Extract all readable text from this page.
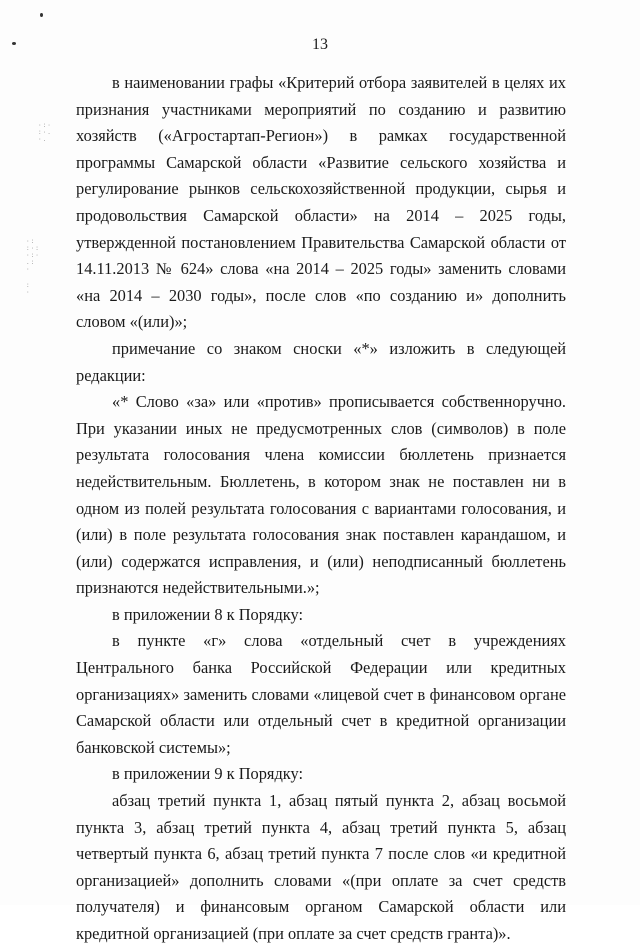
·:·
:·.
·.
·:
:·:
·:·
.:
·
:
·
13

в наименовании графы «Критерий отбора заявителей в целях их признания участниками мероприятий по созданию и развитию хозяйств («Агростартап-Регион») в рамках государственной программы Самарской области «Развитие сельского хозяйства и регулирование рынков сельскохозяйственной продукции, сырья и продовольствия Самарской области» на 2014 – 2025 годы, утвержденной постановлением Правительства Самарской области от 14.11.2013 № 624» слова «на 2014 – 2025 годы» заменить словами «на 2014 – 2030 годы», после слов «по созданию и» дополнить словом «(или)»;

примечание со знаком сноски «*» изложить в следующей редакции:

«* Слово «за» или «против» прописывается собственноручно. При указании иных не предусмотренных слов (символов) в поле результата голосования члена комиссии бюллетень признается недействительным. Бюллетень, в котором знак не поставлен ни в одном из полей результата голосования с вариантами голосования, и (или) в поле результата голосования знак поставлен карандашом, и (или) содержатся исправления, и (или) неподписанный бюллетень признаются недействительными.»;

в приложении 8 к Порядку:

в пункте «г» слова «отдельный счет в учреждениях Центрального банка Российской Федерации или кредитных организациях» заменить словами «лицевой счет в финансовом органе Самарской области или отдельный счет в кредитной организации банковской системы»;

в приложении 9 к Порядку:

абзац третий пункта 1, абзац пятый пункта 2, абзац восьмой пункта 3, абзац третий пункта 4, абзац третий пункта 5, абзац четвертый пункта 6, абзац третий пункта 7 после слов «и кредитной организацией» дополнить словами «(при оплате за счет средств получателя) и финансовым органом Самарской области или кредитной организацией (при оплате за счет средств гранта)».
